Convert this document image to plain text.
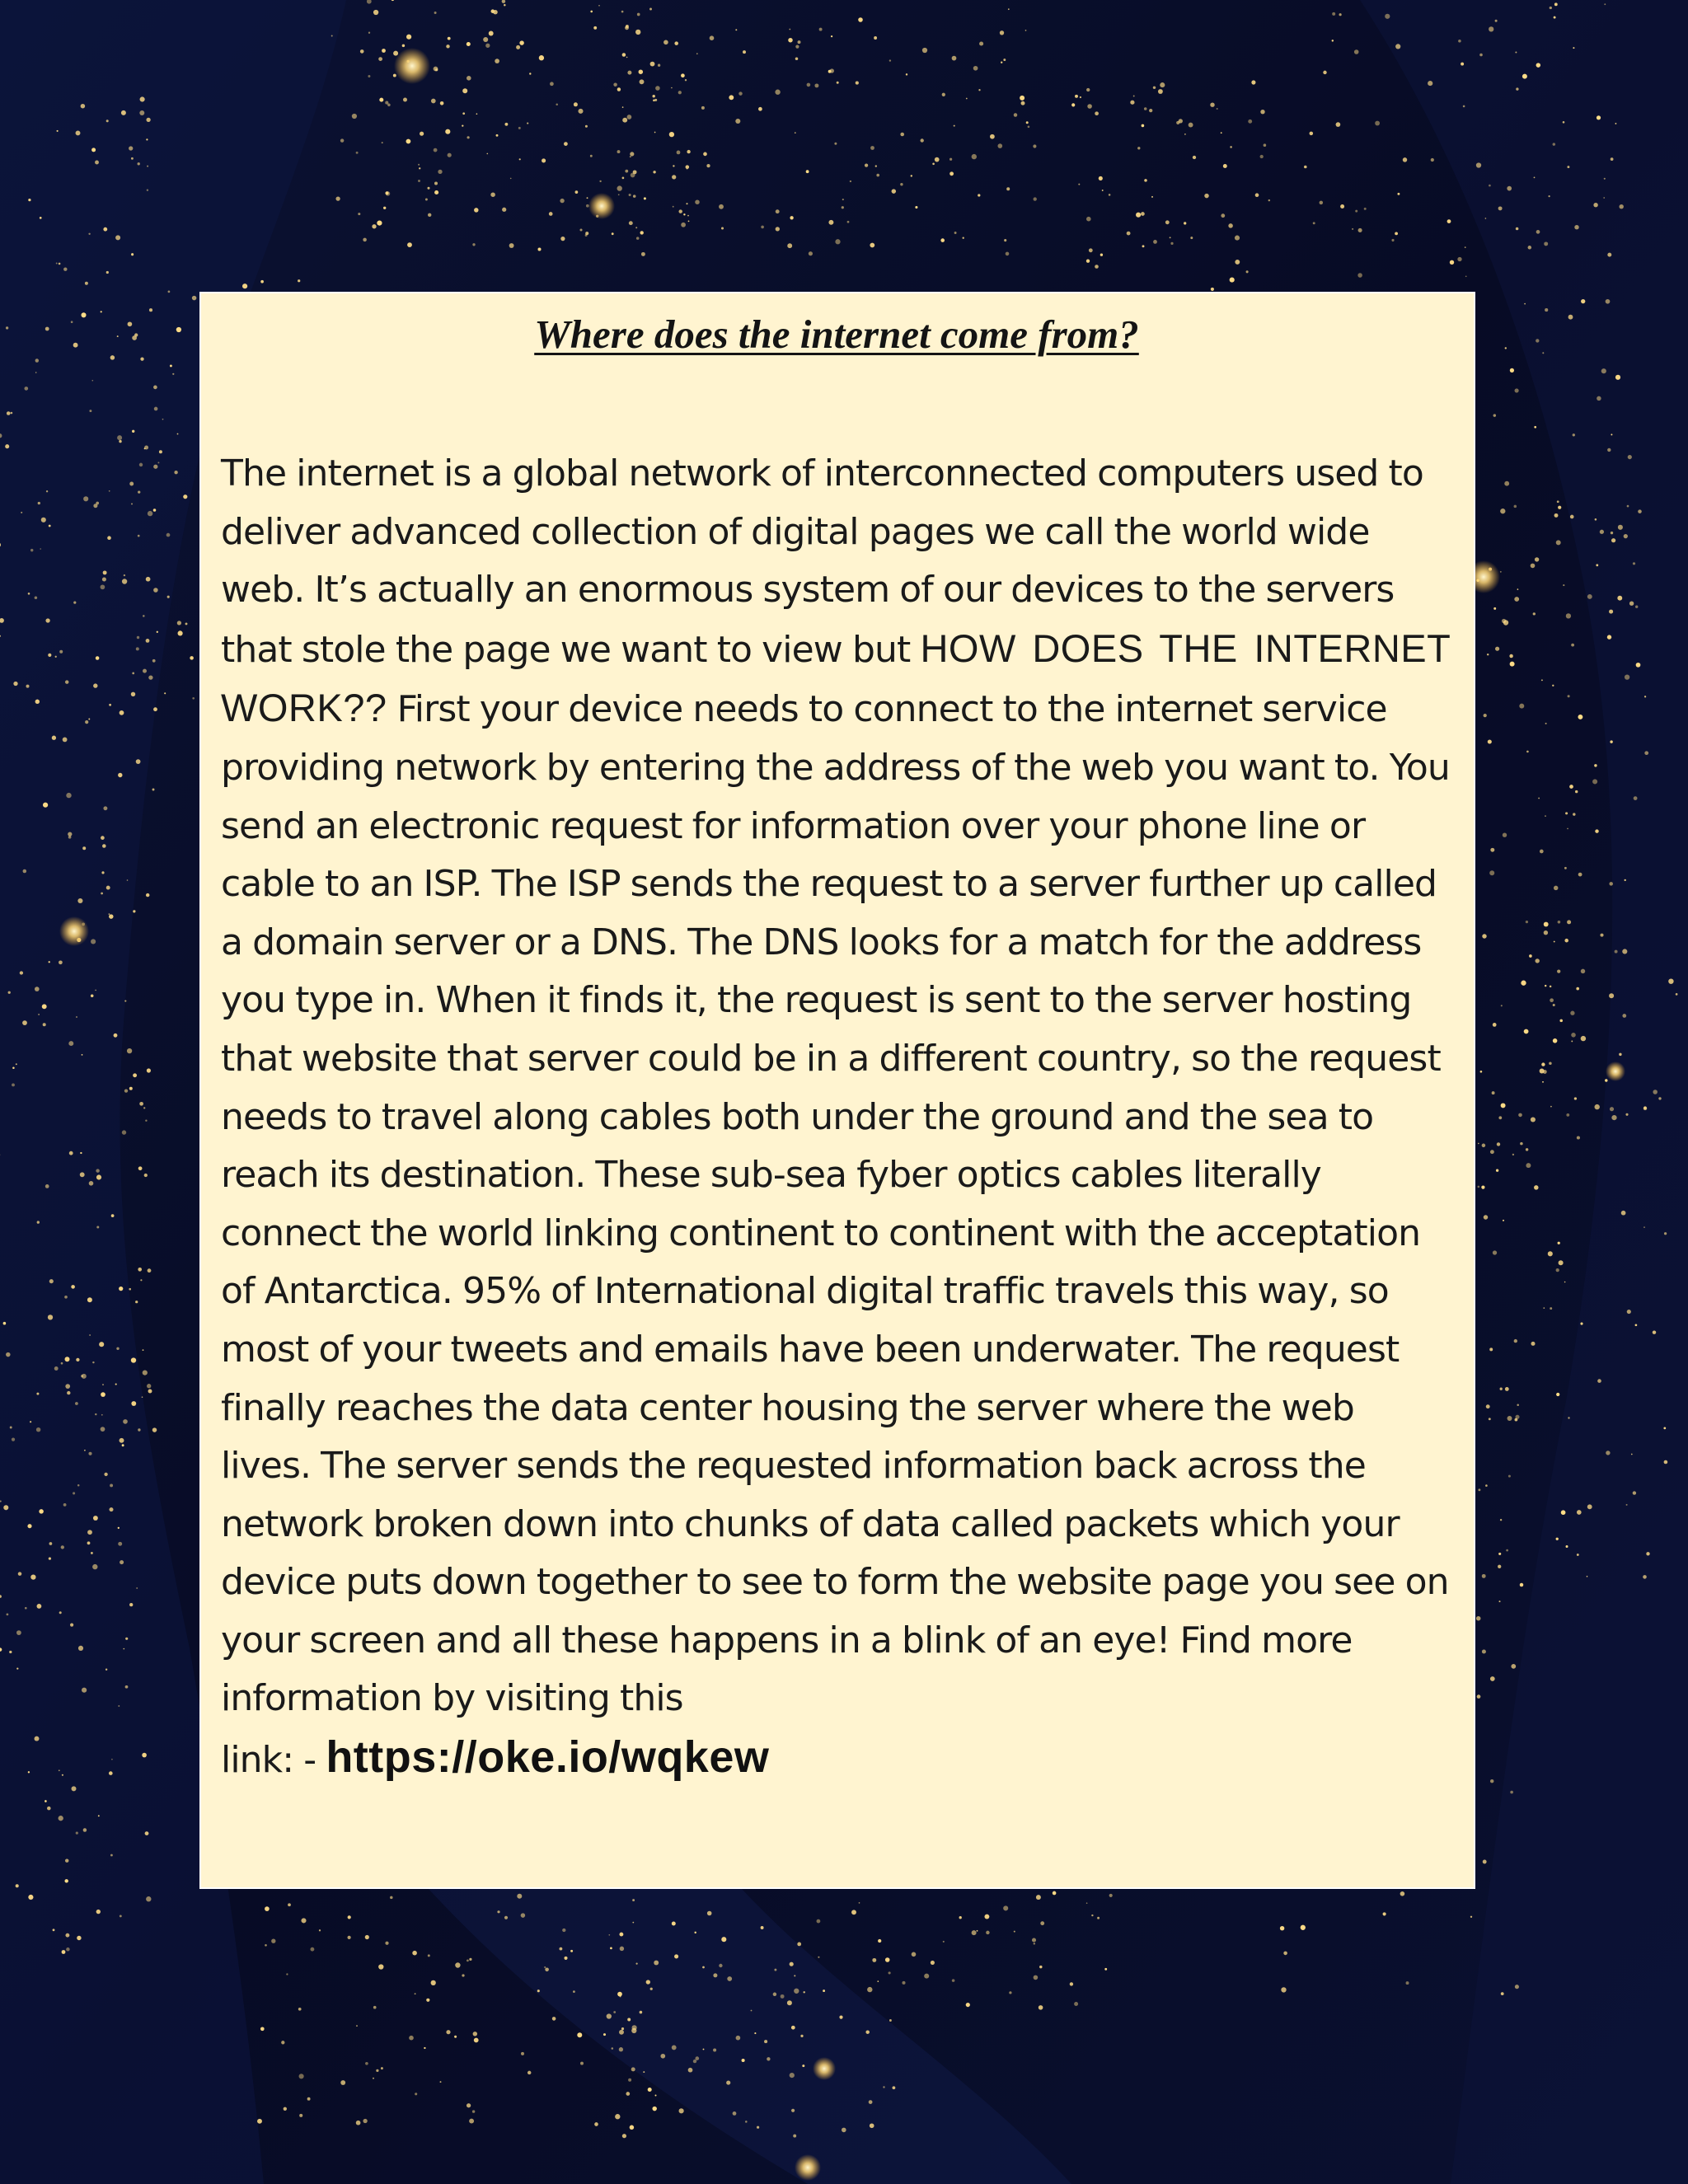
Where does the internet come from?
The internet is a global network of interconnected computers used to deliver advanced collection of digital pages we call the world wide web. It’s actually an enormous system of our devices to the servers that stole the page we want to view but HOW DOES THE INTERNET WORK?? First your device needs to connect to the internet service providing network by entering the address of the web you want to. You send an electronic request for information over your phone line or cable to an ISP. The ISP sends the request to a server further up called a domain server or a DNS. The DNS looks for a match for the address you type in. When it finds it, the request is sent to the server hosting that website that server could be in a different country, so the request needs to travel along cables both under the ground and the sea to reach its destination. These sub-sea fyber optics cables literally connect the world linking continent to continent with the acceptation of Antarctica. 95% of International digital traffic travels this way, so most of your tweets and emails have been underwater. The request finally reaches the data center housing the server where the web lives. The server sends the requested information back across the network broken down into chunks of data called packets which your device puts down together to see to form the website page you see on your screen and all these happens in a blink of an eye! Find more information by visiting this
link: - https://oke.io/wqkew
